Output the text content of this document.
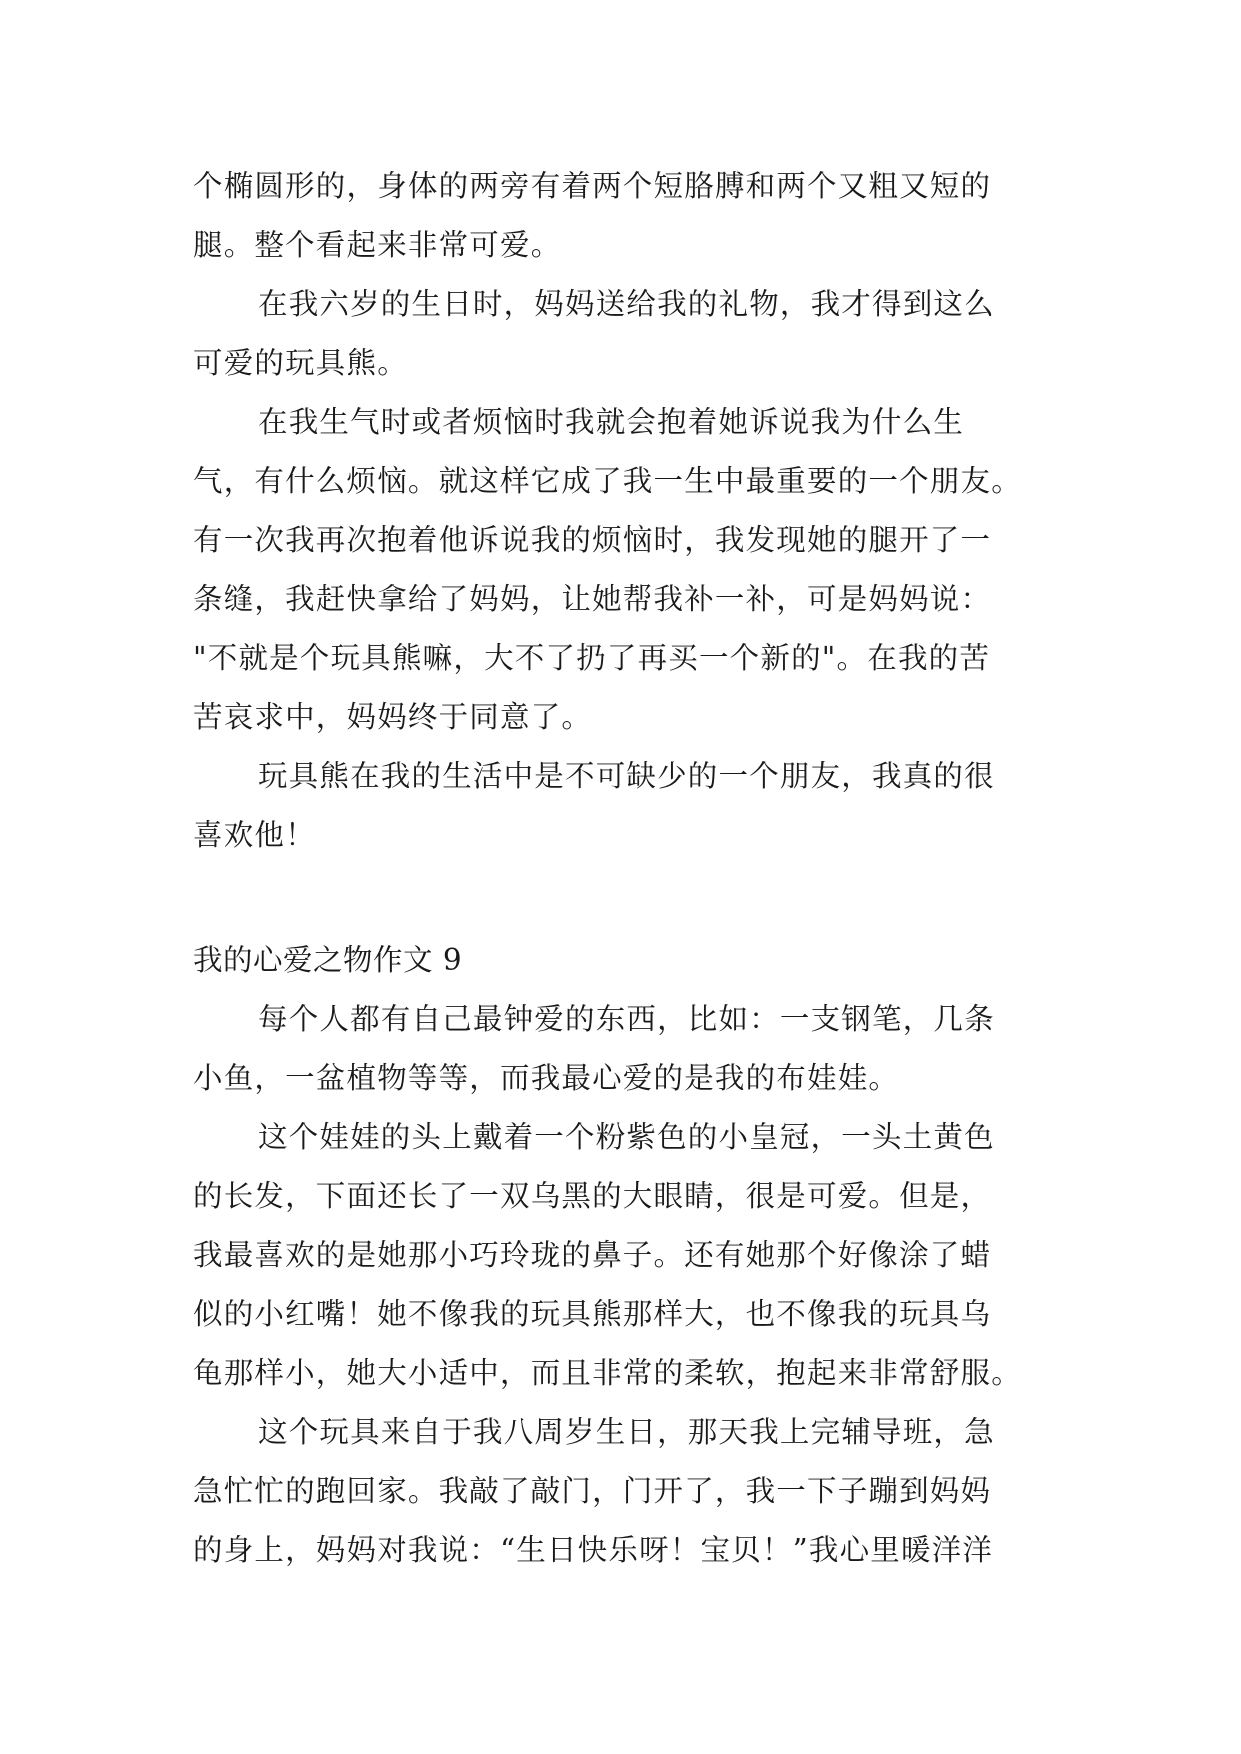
个椭圆形的，身体的两旁有着两个短胳膊和两个又粗又短的
腿。整个看起来非常可爱。
在我六岁的生日时，妈妈送给我的礼物，我才得到这么
可爱的玩具熊。
在我生气时或者烦恼时我就会抱着她诉说我为什么生
气，有什么烦恼。就这样它成了我一生中最重要的一个朋友。
有一次我再次抱着他诉说我的烦恼时，我发现她的腿开了一
条缝，我赶快拿给了妈妈，让她帮我补一补，可是妈妈说：
"不就是个玩具熊嘛，大不了扔了再买一个新的"。在我的苦
苦哀求中，妈妈终于同意了。
玩具熊在我的生活中是不可缺少的一个朋友，我真的很
喜欢他！
我的心爱之物作文 9
每个人都有自己最钟爱的东西，比如：一支钢笔，几条
小鱼，一盆植物等等，而我最心爱的是我的布娃娃。
这个娃娃的头上戴着一个粉紫色的小皇冠，一头土黄色
的长发，下面还长了一双乌黑的大眼睛，很是可爱。但是，
我最喜欢的是她那小巧玲珑的鼻子。还有她那个好像涂了蜡
似的小红嘴！她不像我的玩具熊那样大，也不像我的玩具乌
龟那样小，她大小适中，而且非常的柔软，抱起来非常舒服。
这个玩具来自于我八周岁生日，那天我上完辅导班，急
急忙忙的跑回家。我敲了敲门，门开了，我一下子蹦到妈妈
的身上，妈妈对我说：“生日快乐呀！宝贝！”我心里暖洋洋
